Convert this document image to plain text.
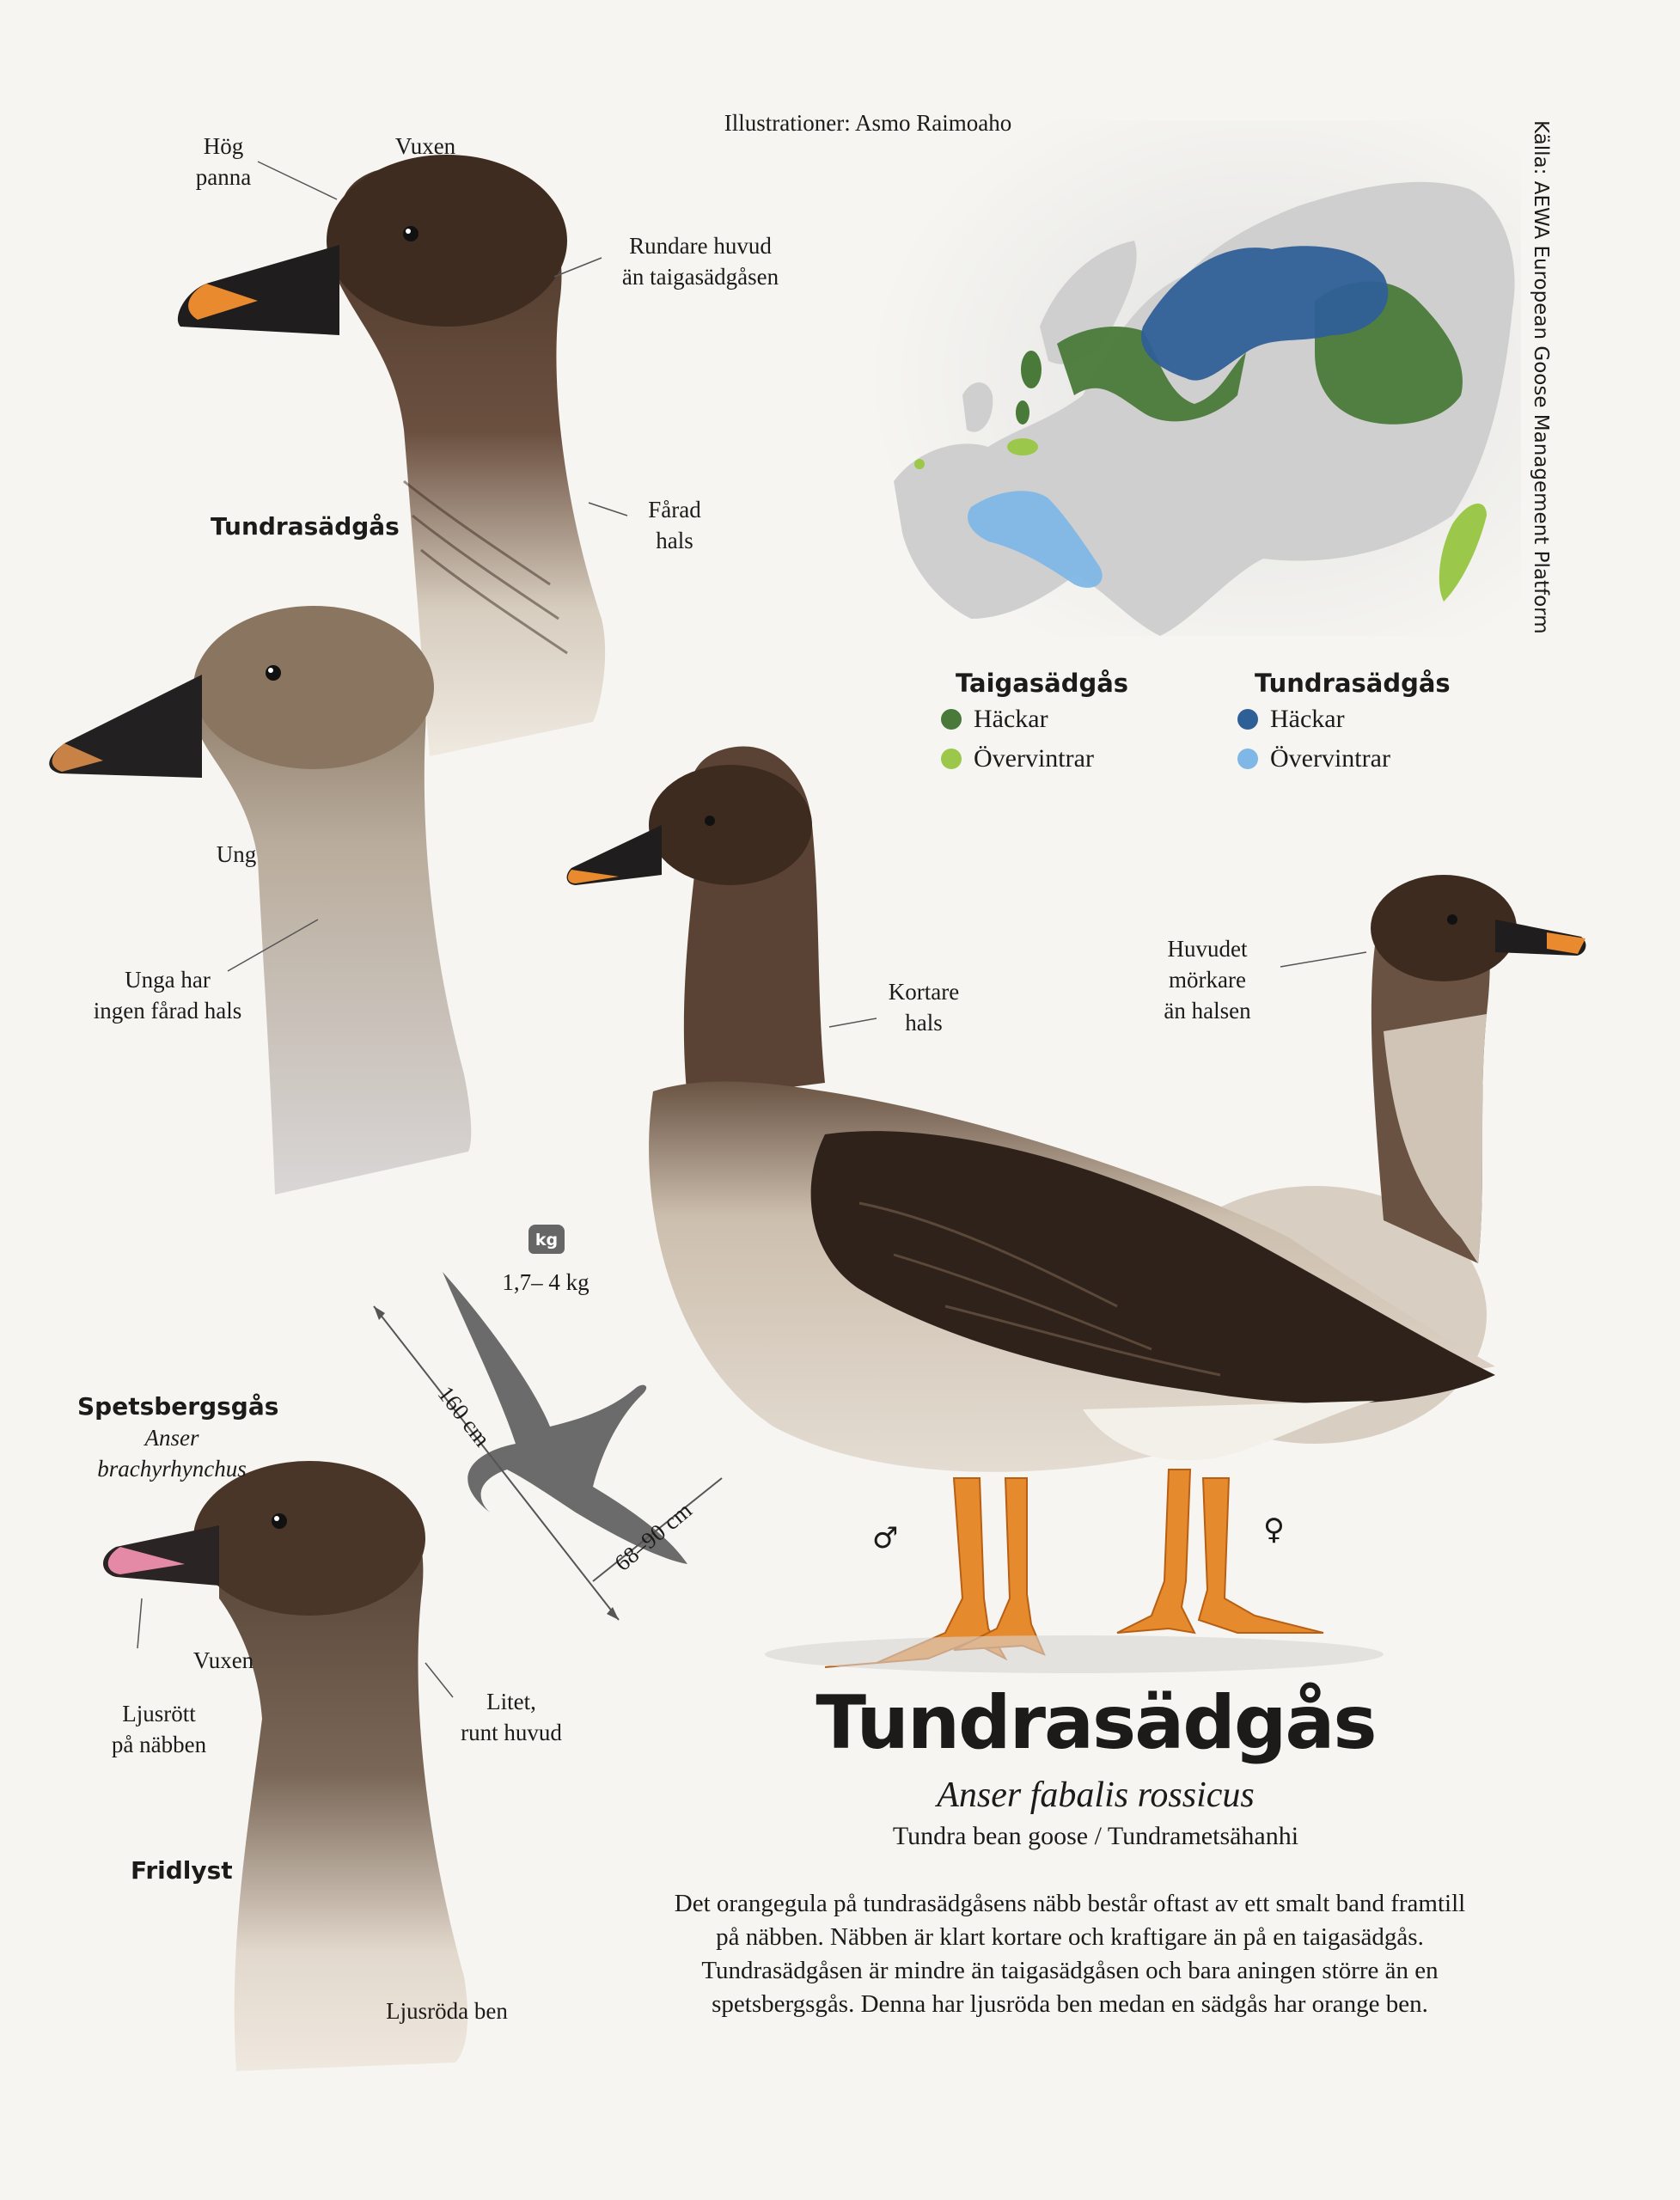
Illustrationer: Asmo Raimoaho	Källa: AEWA European Goose Management Platform
Hög
panna
Vuxen
Rundare huvud
än taigasädgåsen
Fårad
hals
Tundrasädgås
Ung
Unga har
ingen fårad hals
Spetsbergsgås
Anser
brachyrhynchus
Vuxen
Ljusrött
på näbben
Litet,
runt huvud
Fridlyst
Ljusröda ben
Taigasädgås
Häckar
Övervintrar
Tundrasädgås
Häckar
Övervintrar
Kortare
hals
Huvudet
mörkare
än halsen
♂	♀
kg
1,7– 4 kg
160 cm
68–90 cm
Tundrasädgås
Anser fabalis rossicus
Tundra bean goose / Tundrametsähanhi
Det orangegula på tundrasädgåsens näbb består oftast av ett smalt band framtill
på näbben. Näbben är klart kortare och kraftigare än på en taigasädgås.
Tundrasädgåsen är mindre än taigasädgåsen och bara aningen större än en
spetsbergsgås. Denna har ljusröda ben medan en sädgås har orange ben.
